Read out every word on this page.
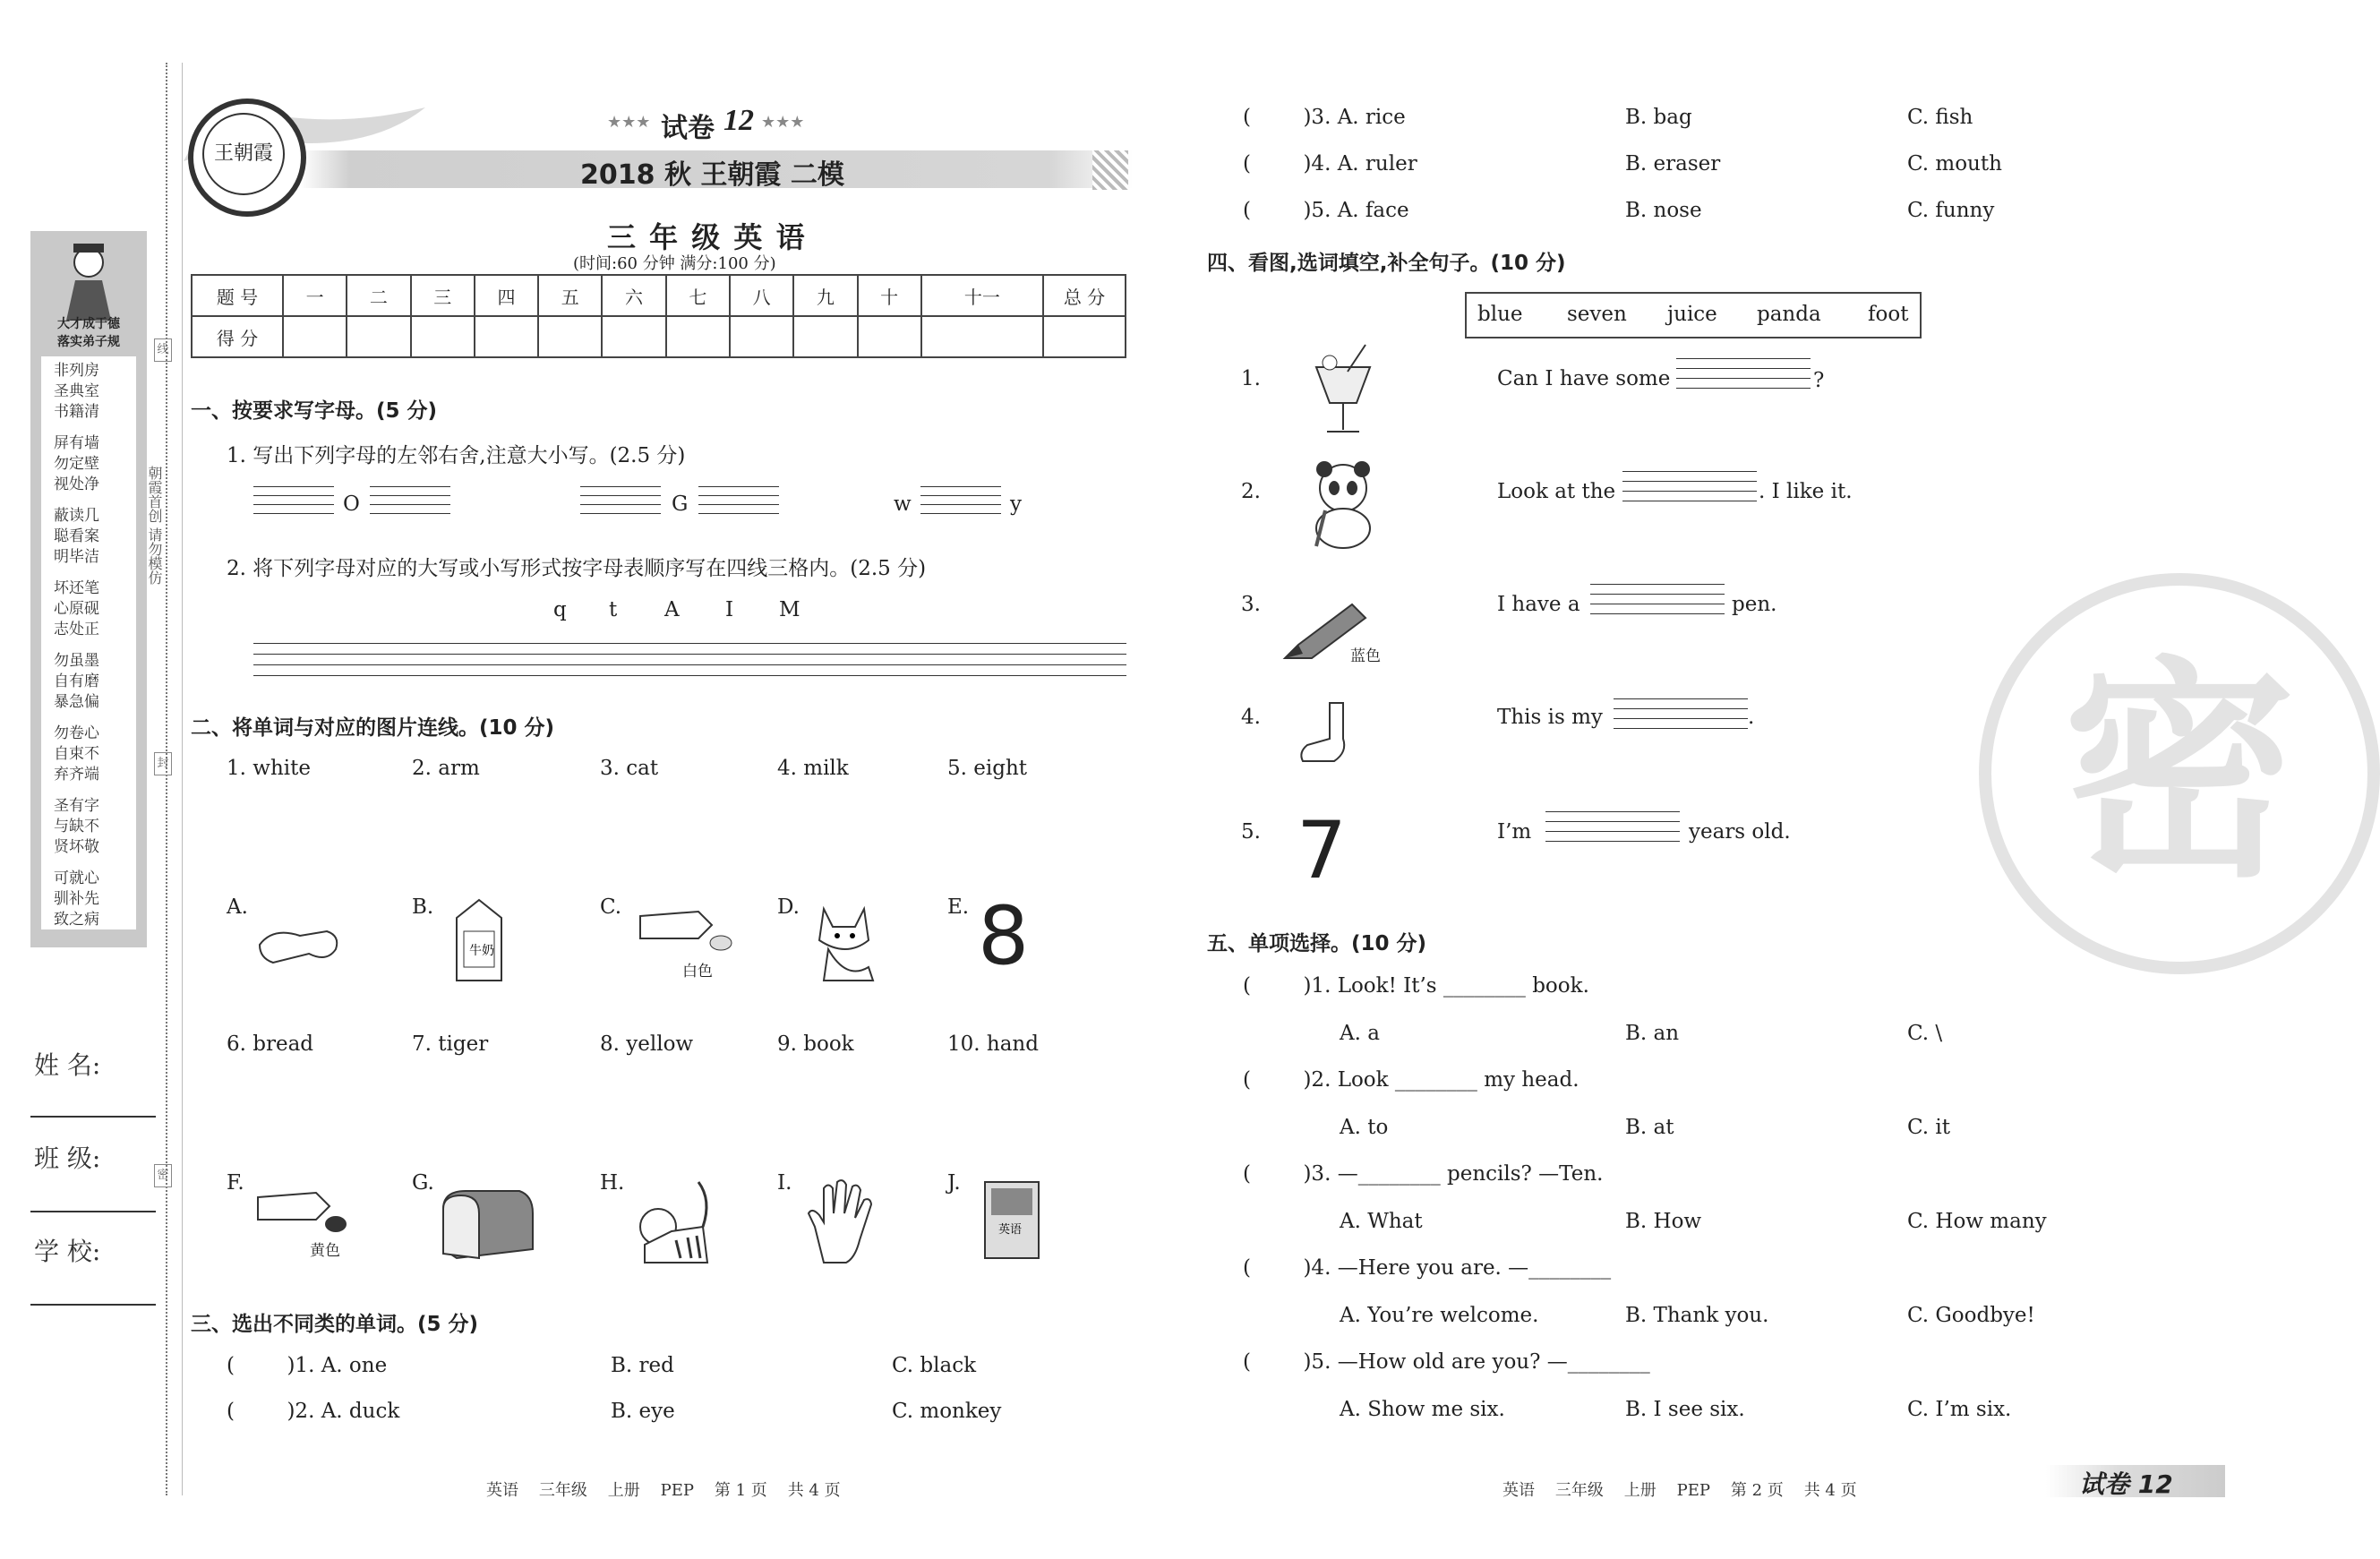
大才成于德
落实弟子规
非列房
圣典室
书籍清
屏有墙
勿定壁
视处净
蔽读几
聪看案
明毕洁
坏还笔
心原砚
志处正
勿虽墨
自有磨
暴急偏
勿卷心
自束不
弃齐端
圣有字
与缺不
贤坏敬
可就心
驯补先
致之病
朝霞首创 请勿模仿
线
封
密
姓 名:
班 级:
学 校:
王朝霞
★★★ 试卷 12 ★★★
2018 秋 王朝霞 二模
三 年 级 英 语
(时间:60 分钟 满分:100 分)
题 号	一	二	三	四	五	六	七	八	九	十	十一	总 分
得 分												
一、按要求写字母。(5 分)
1. 写出下列字母的左邻右舍,注意大小写。(2.5 分)
O	G	w	y
2. 将下列字母对应的大写或小写形式按字母表顺序写在四线三格内。(2.5 分)
q t A I M
二、将单词与对应的图片连线。(10 分)
1. white	2. arm	3. cat	4. milk	5. eight
A.	B.
牛奶
C.
白色
D.	E. 8
6. bread	7. tiger	8. yellow	9. book	10. hand
F.
黄色
G.	H.	I.	J.
英语
三、选出不同类的单词。(5 分)
(        )1. A. one	B. red	C. black
(        )2. A. duck	B. eye	C. monkey
英语    三年级    上册    PEP    第 1 页    共 4 页
(        )3. A. rice	B. bag	C. fish
(        )4. A. ruler	B. eraser	C. mouth
(        )5. A. face	B. nose	C. funny
密
四、看图,选词填空,补全句子。(10 分)
blue seven juice panda foot
1.	Can I have some	?
2.	Look at the	. I like it.
3.
蓝色
I have a	pen.
4.	This is my	.
5. 7	I’m	years old.
五、单项选择。(10 分)
(        )1. Look! It’s ________ book.
A. a	B. an	C. \
(        )2. Look ________ my head.
A. to	B. at	C. it
(        )3. —________ pencils? —Ten.
A. What	B. How	C. How many
(        )4. —Here you are. —________
A. You’re welcome.	B. Thank you.	C. Goodbye!
(        )5. —How old are you? —________
A. Show me six.	B. I see six.	C. I’m six.
英语    三年级    上册    PEP    第 2 页    共 4 页	试卷 12
